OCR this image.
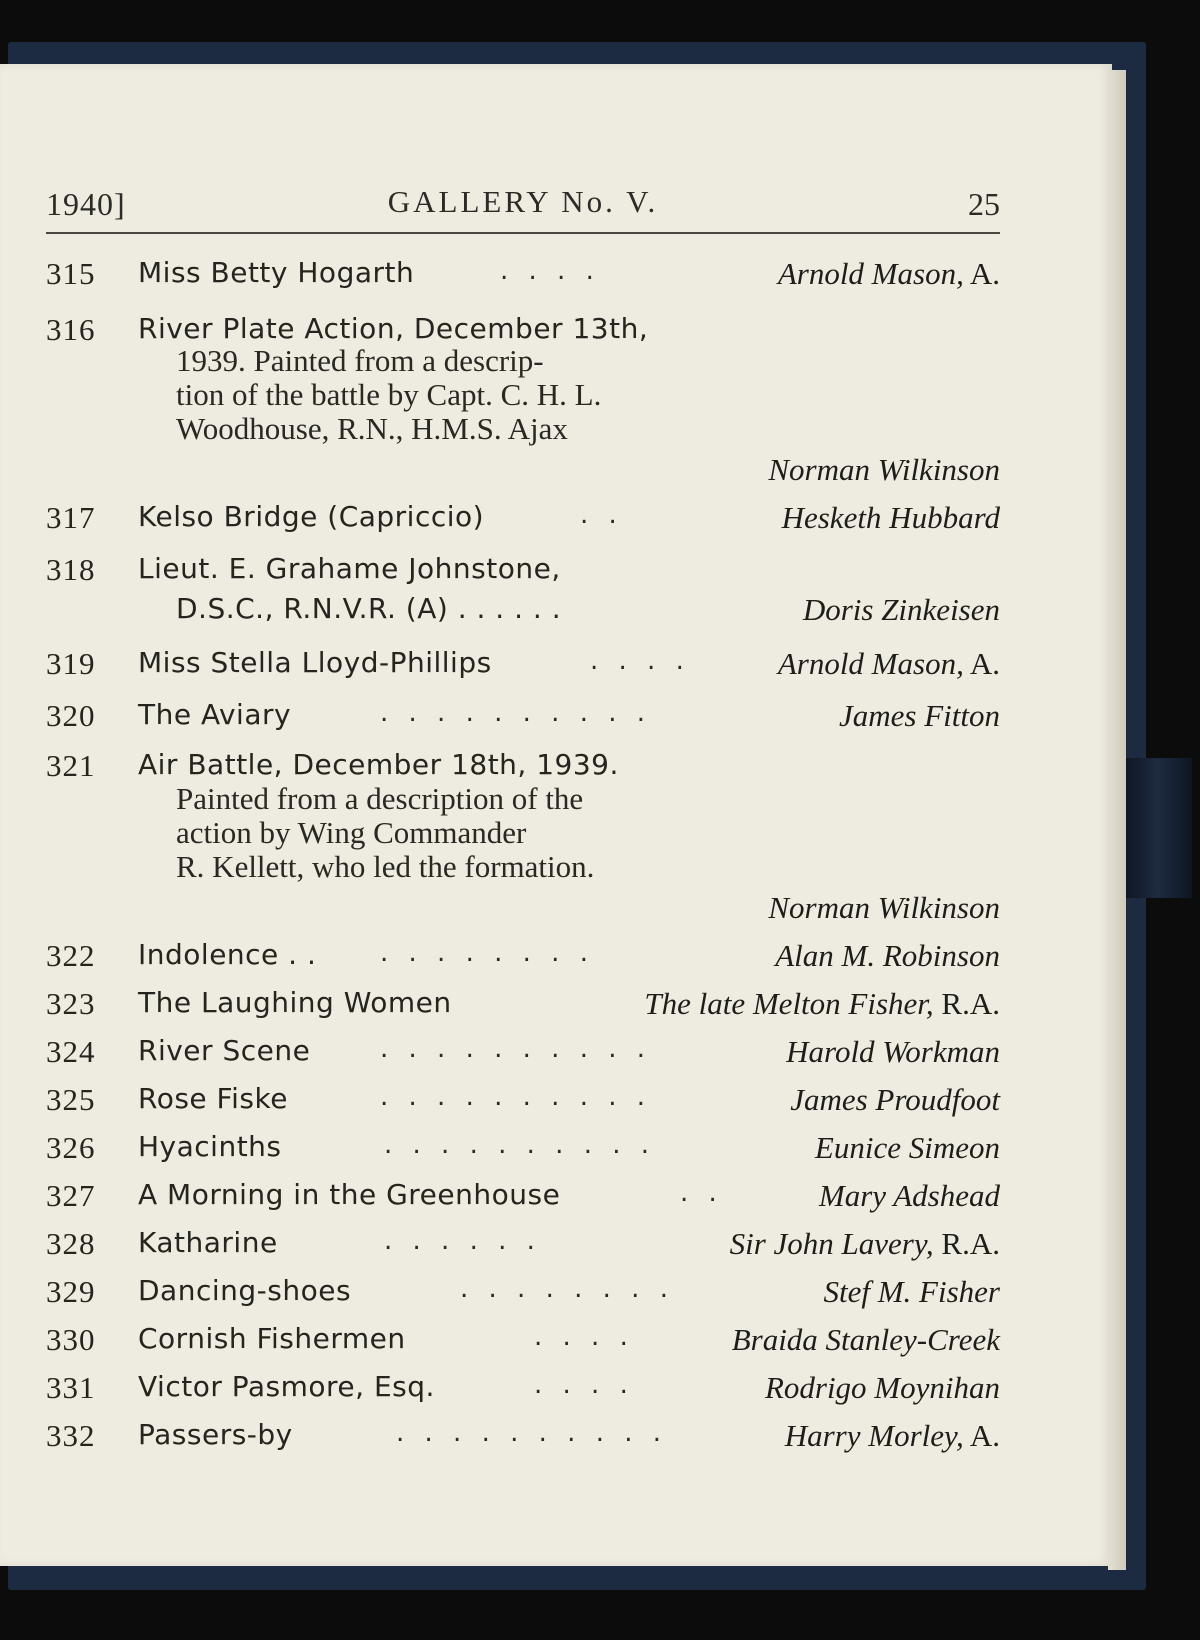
1940]	GALLERY No. V.	25
315 Miss Betty Hogarth	. . . .	Arnold Mason, A.
316 River Plate Action, December 13th,
1939. Painted from a descrip-
tion of the battle by Capt. C. H. L.
Woodhouse, R.N., H.M.S. Ajax
Norman Wilkinson
317 Kelso Bridge (Capriccio)	. .	Hesketh Hubbard
318 Lieut. E. Grahame Johnstone,
D.S.C., R.N.V.R. (A) . . . . . .	Doris Zinkeisen
319 Miss Stella Lloyd-Phillips	. . . .	Arnold Mason, A.
320 The Aviary	. . . . . . . . . .	James Fitton
321 Air Battle, December 18th, 1939.
Painted from a description of the
action by Wing Commander
R. Kellett, who led the formation.
Norman Wilkinson
322 Indolence . . . . . . . . . .	Alan M. Robinson
323 The Laughing Women	The late Melton Fisher, R.A.
324 River Scene	. . . . . . . . . .	Harold Workman
325 Rose Fiske	. . . . . . . . . .	James Proudfoot
326 Hyacinths	. . . . . . . . . .	Eunice Simeon
327 A Morning in the Greenhouse	. .	Mary Adshead
328 Katharine	. . . . . .	Sir John Lavery, R.A.
329 Dancing-shoes	. . . . . . . .	Stef M. Fisher
330 Cornish Fishermen	. . . .	Braida Stanley-Creek
331 Victor Pasmore, Esq.	. . . .	Rodrigo Moynihan
332 Passers-by	. . . . . . . . . .	Harry Morley, A.
